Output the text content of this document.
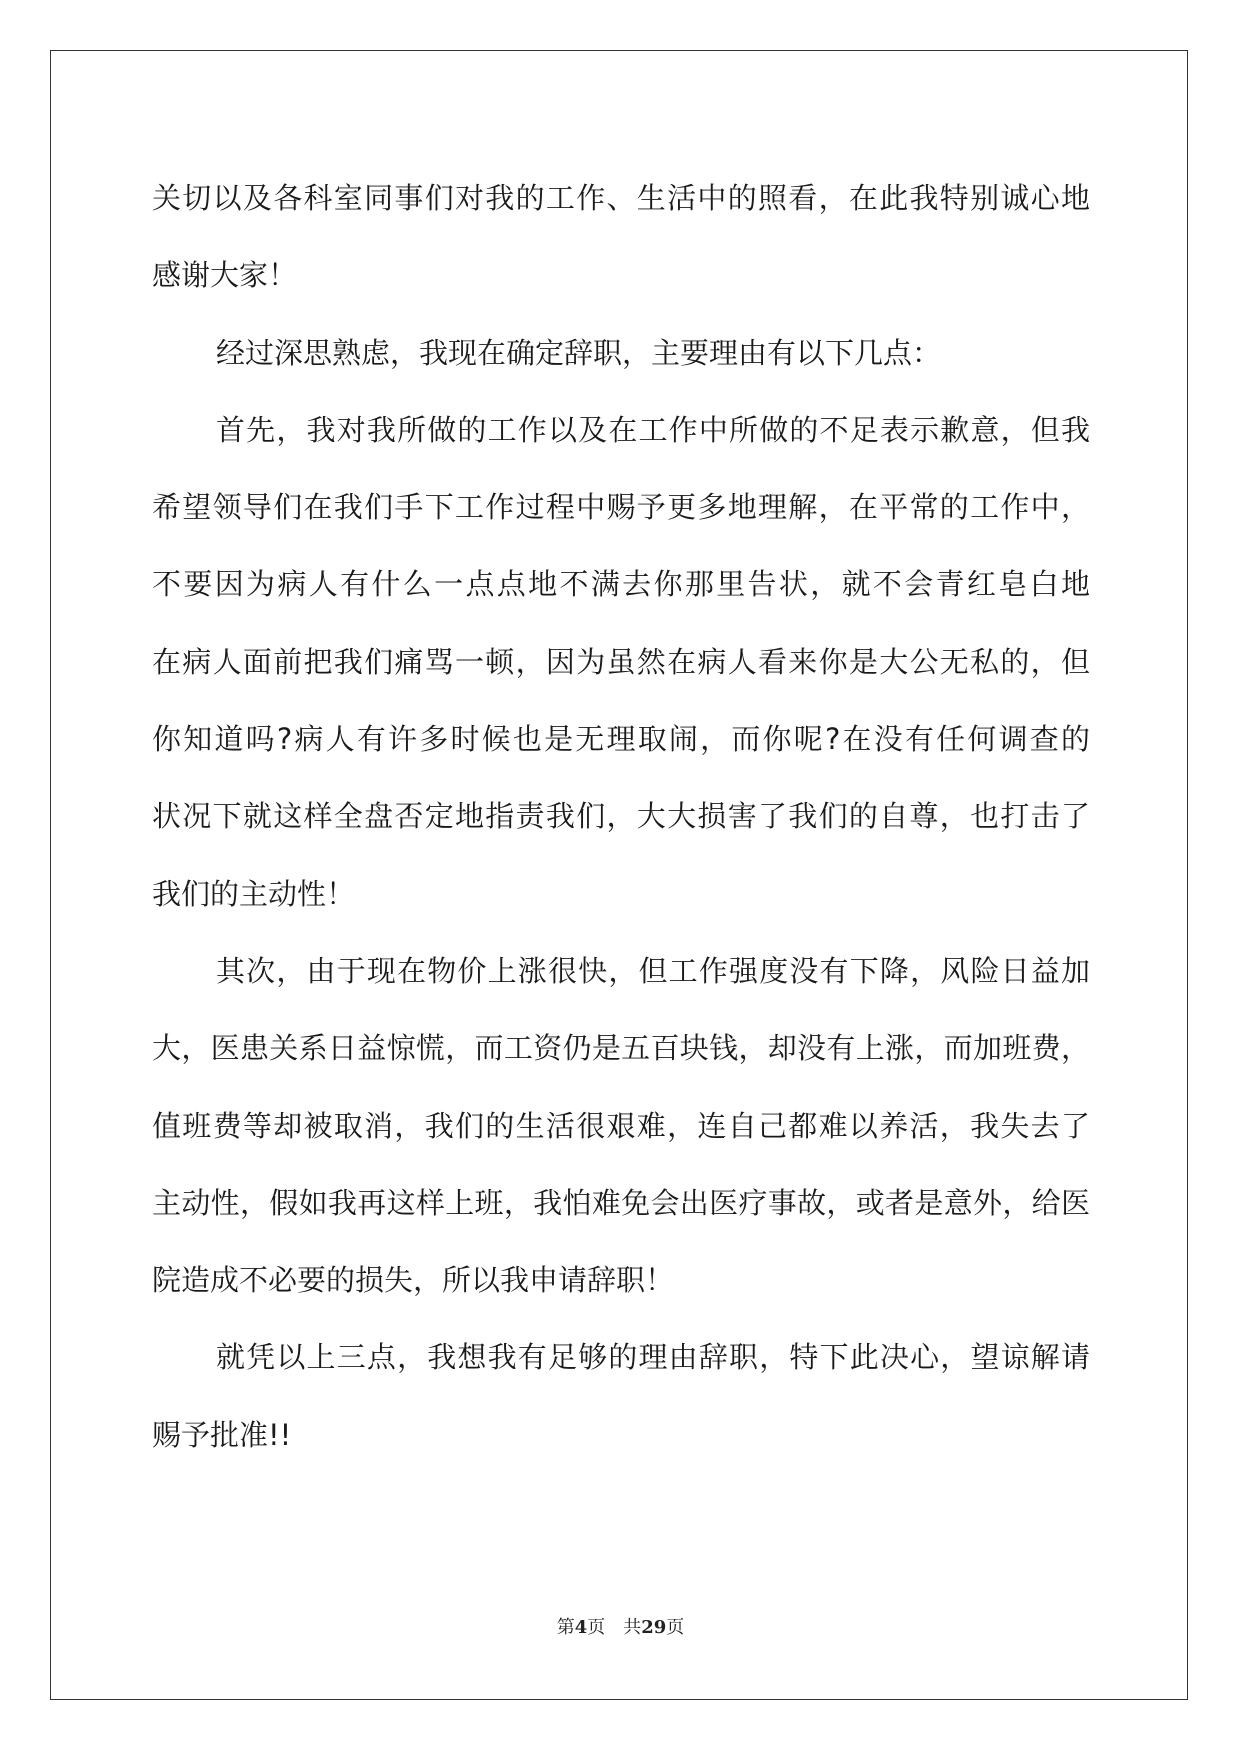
关切以及各科室同事们对我的工作、生活中的照看，在此我特别诚心地
感谢大家！
经过深思熟虑，我现在确定辞职，主要理由有以下几点：
首先，我对我所做的工作以及在工作中所做的不足表示歉意，但我
希望领导们在我们手下工作过程中赐予更多地理解，在平常的工作中，
不要因为病人有什么一点点地不满去你那里告状，就不会青红皂白地
在病人面前把我们痛骂一顿，因为虽然在病人看来你是大公无私的，但
你知道吗?病人有许多时候也是无理取闹，而你呢?在没有任何调查的
状况下就这样全盘否定地指责我们，大大损害了我们的自尊，也打击了
我们的主动性！
其次，由于现在物价上涨很快，但工作强度没有下降，风险日益加
大，医患关系日益惊慌，而工资仍是五百块钱，却没有上涨，而加班费，
值班费等却被取消，我们的生活很艰难，连自己都难以养活，我失去了
主动性，假如我再这样上班，我怕难免会出医疗事故，或者是意外，给医
院造成不必要的损失，所以我申请辞职！
就凭以上三点，我想我有足够的理由辞职，特下此决心，望谅解请
赐予批准!!
第4页 共29页
